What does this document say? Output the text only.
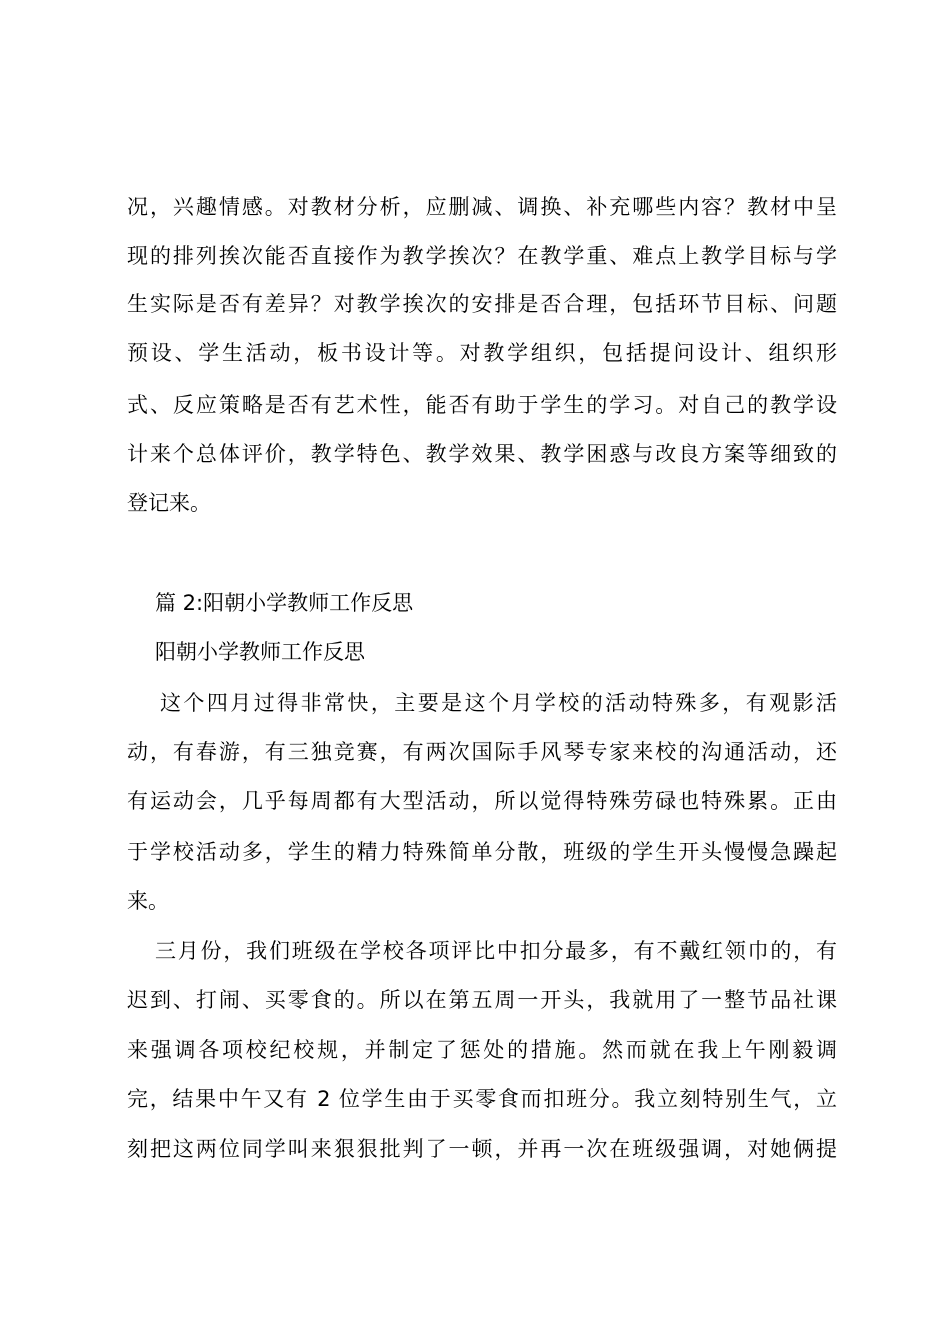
况，兴趣情感。对教材分析，应删减、调换、补充哪些内容？教材中呈
现的排列挨次能否直接作为教学挨次？在教学重、难点上教学目标与学
生实际是否有差异？对教学挨次的安排是否合理，包括环节目标、问题
预设、学生活动，板书设计等。对教学组织，包括提问设计、组织形
式、反应策略是否有艺术性，能否有助于学生的学习。对自己的教学设
计来个总体评价，教学特色、教学效果、教学困惑与改良方案等细致的
登记来。
篇 2:阳朝小学教师工作反思
阳朝小学教师工作反思
这个四月过得非常快，主要是这个月学校的活动特殊多，有观影活
动，有春游，有三独竞赛，有两次国际手风琴专家来校的沟通活动，还
有运动会，几乎每周都有大型活动，所以觉得特殊劳碌也特殊累。正由
于学校活动多，学生的精力特殊简单分散，班级的学生开头慢慢急躁起
来。
三月份，我们班级在学校各项评比中扣分最多，有不戴红领巾的，有
迟到、打闹、买零食的。所以在第五周一开头，我就用了一整节品社课
来强调各项校纪校规，并制定了惩处的措施。然而就在我上午刚毅调
完，结果中午又有 2 位学生由于买零食而扣班分。我立刻特别生气，立
刻把这两位同学叫来狠狠批判了一顿，并再一次在班级强调，对她俩提
